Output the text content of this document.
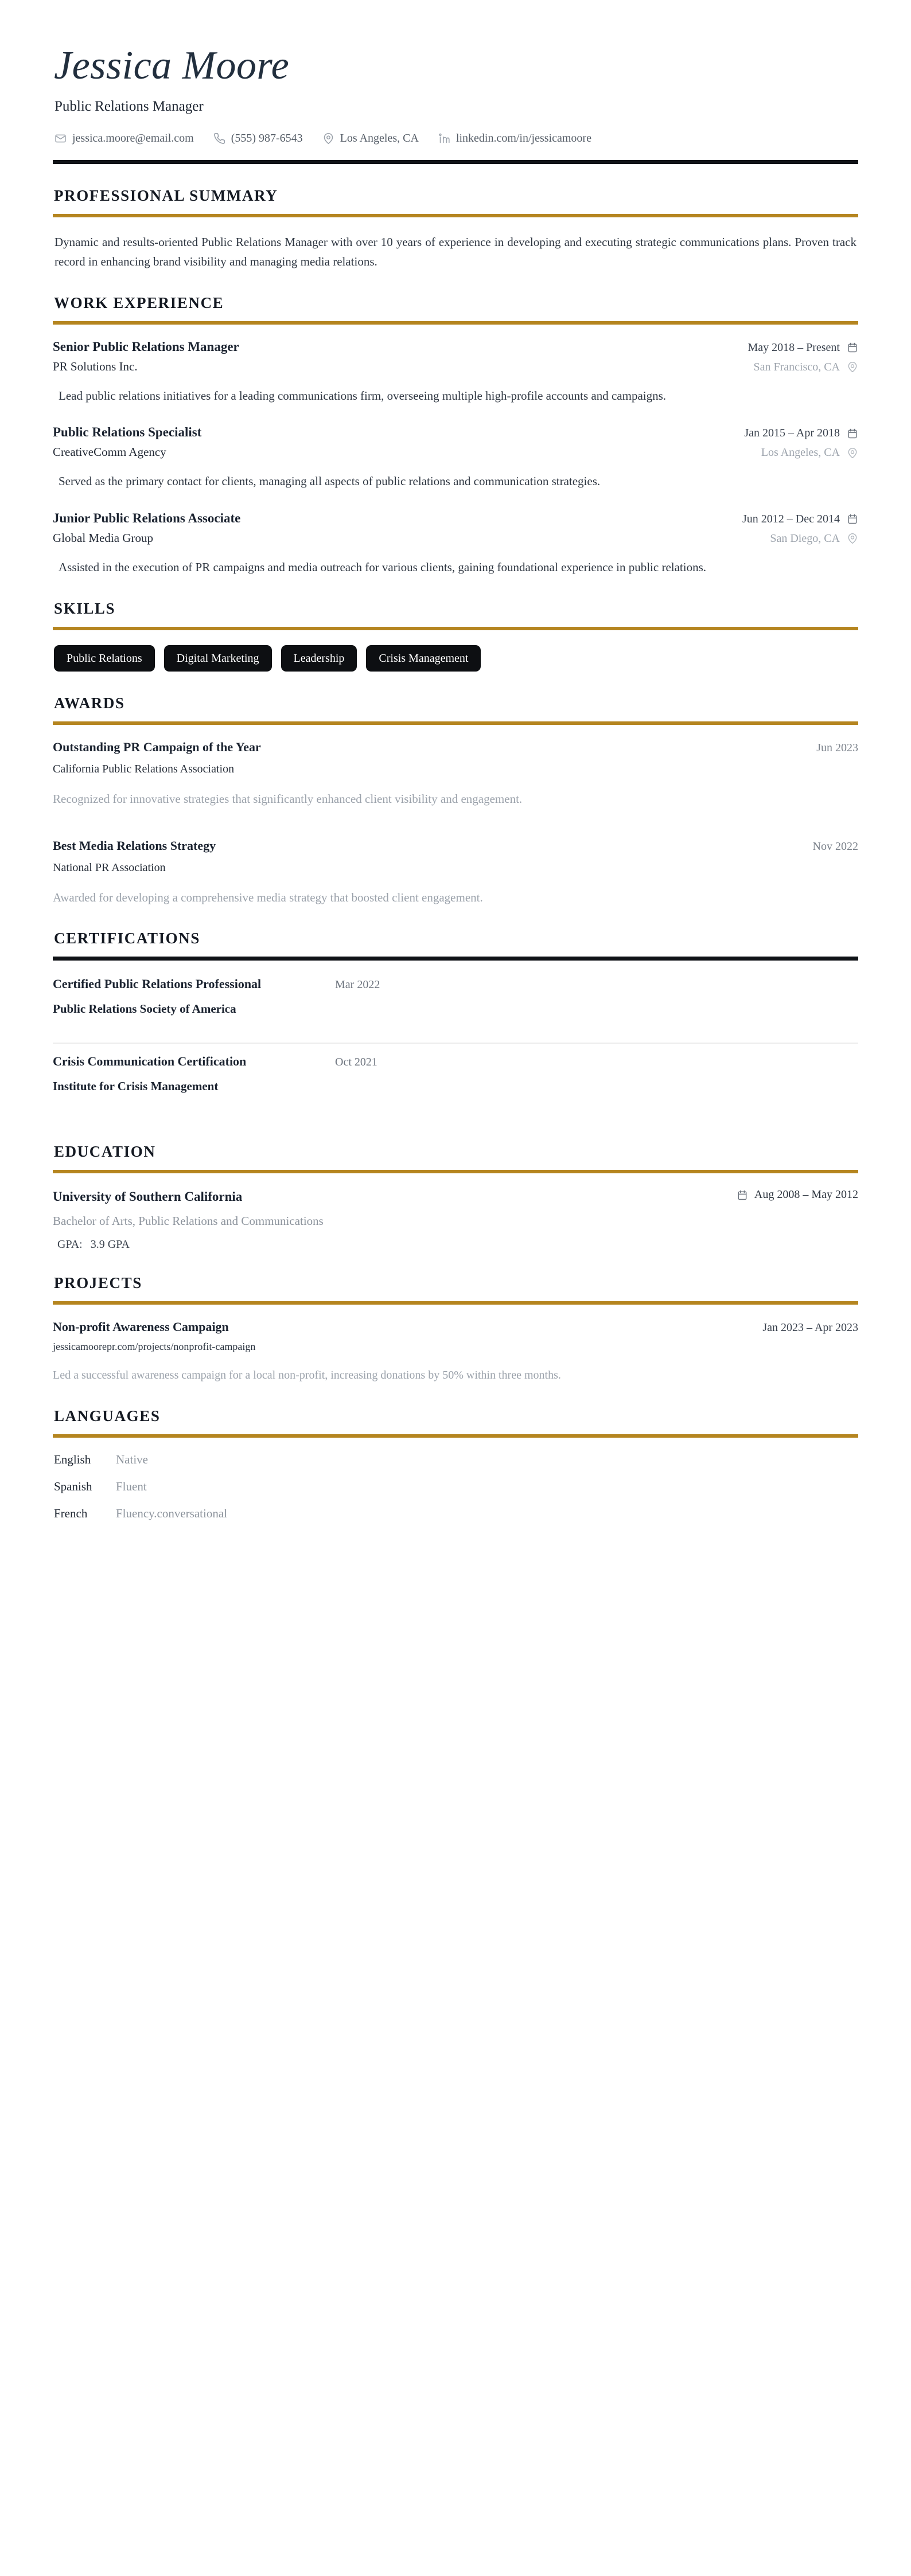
Jessica Moore
Public Relations Manager
jessica.moore@email.com	(555) 987-6543	Los Angeles, CA	linkedin.com/in/jessicamoore
PROFESSIONAL SUMMARY

Dynamic and results-oriented Public Relations Manager with over 10 years of experience in developing and executing strategic communications plans. Proven track record in enhancing brand visibility and managing media relations.

WORK EXPERIENCE
Senior Public Relations Manager	May 2018 – Present

PR Solutions Inc.	San Francisco, CA

Lead public relations initiatives for a leading communications firm, overseeing multiple high-profile accounts and campaigns.

Public Relations Specialist	Jan 2015 – Apr 2018

CreativeComm Agency	Los Angeles, CA

Served as the primary contact for clients, managing all aspects of public relations and communication strategies.

Junior Public Relations Associate	Jun 2012 – Dec 2014

Global Media Group	San Diego, CA

Assisted in the execution of PR campaigns and media outreach for various clients, gaining foundational experience in public relations.

SKILLS
Public Relations	Digital Marketing	Leadership	Crisis Management
AWARDS
Outstanding PR Campaign of the Year	Jun 2023

California Public Relations Association

Recognized for innovative strategies that significantly enhanced client visibility and engagement.

Best Media Relations Strategy	Nov 2022

National PR Association

Awarded for developing a comprehensive media strategy that boosted client engagement.

CERTIFICATIONS
Certified Public Relations Professional	Mar 2022
Public Relations Society of America
Crisis Communication Certification	Oct 2021
Institute for Crisis Management
EDUCATION
University of Southern California	Aug 2008 – May 2012

Bachelor of Arts, Public Relations and Communications

GPA: 3.9 GPA

PROJECTS
Non-profit Awareness Campaign	Jan 2023 – Apr 2023

jessicamoorepr.com/projects/nonprofit-campaign

Led a successful awareness campaign for a local non-profit, increasing donations by 50% within three months.

LANGUAGES
English	Native
Spanish	Fluent
French	Fluency.conversational
